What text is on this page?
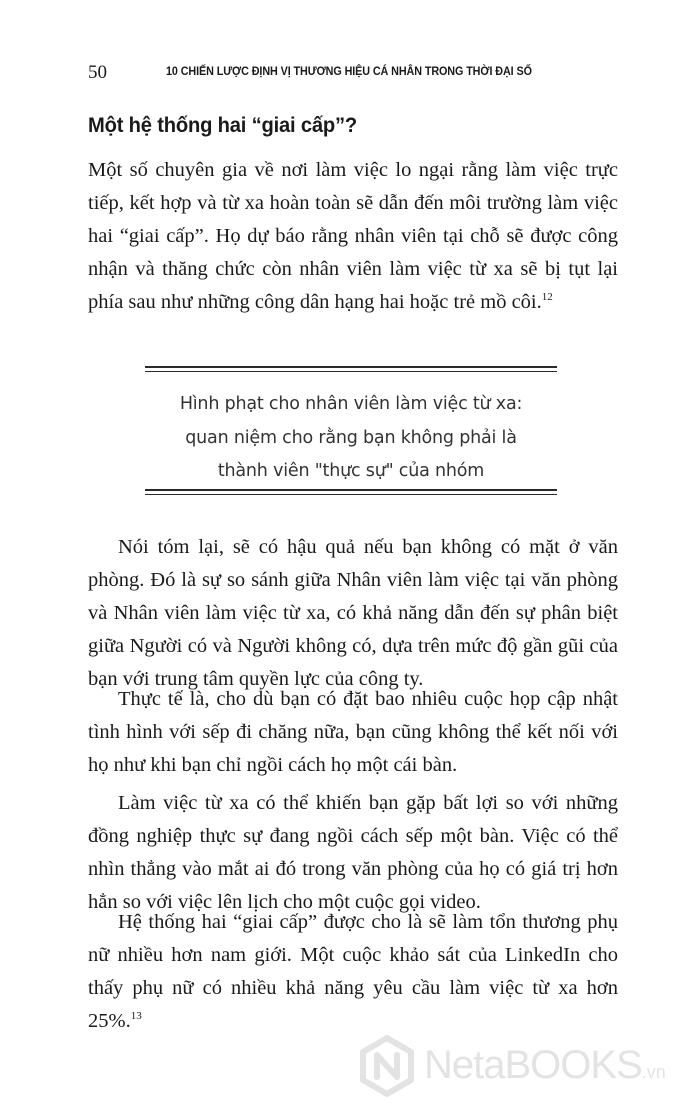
50	10 CHIẾN LƯỢC ĐỊNH VỊ THƯƠNG HIỆU CÁ NHÂN TRONG THỜI ĐẠI SỐ
Một hệ thống hai “giai cấp”?

Một số chuyên gia về nơi làm việc lo ngại rằng làm việc trực tiếp, kết hợp và từ xa hoàn toàn sẽ dẫn đến môi trường làm việc hai “giai cấp”. Họ dự báo rằng nhân viên tại chỗ sẽ được công nhận và thăng chức còn nhân viên làm việc từ xa sẽ bị tụt lại phía sau như những công dân hạng hai hoặc trẻ mồ côi.$^{12}$

Hình phạt cho nhân viên làm việc từ xa:
quan niệm cho rằng bạn không phải là
thành viên "thực sự" của nhóm

Nói tóm lại, sẽ có hậu quả nếu bạn không có mặt ở văn phòng. Đó là sự so sánh giữa Nhân viên làm việc tại văn phòng và Nhân viên làm việc từ xa, có khả năng dẫn đến sự phân biệt giữa Người có và Người không có, dựa trên mức độ gần gũi của bạn với trung tâm quyền lực của công ty.

Thực tế là, cho dù bạn có đặt bao nhiêu cuộc họp cập nhật tình hình với sếp đi chăng nữa, bạn cũng không thể kết nối với họ như khi bạn chỉ ngồi cách họ một cái bàn.

Làm việc từ xa có thể khiến bạn gặp bất lợi so với những đồng nghiệp thực sự đang ngồi cách sếp một bàn. Việc có thể nhìn thẳng vào mắt ai đó trong văn phòng của họ có giá trị hơn hẳn so với việc lên lịch cho một cuộc gọi video.

Hệ thống hai “giai cấp” được cho là sẽ làm tổn thương phụ nữ nhiều hơn nam giới. Một cuộc khảo sát của LinkedIn cho thấy phụ nữ có nhiều khả năng yêu cầu làm việc từ xa hơn 25%.$^{13}$

NetaBOOKS.vn
